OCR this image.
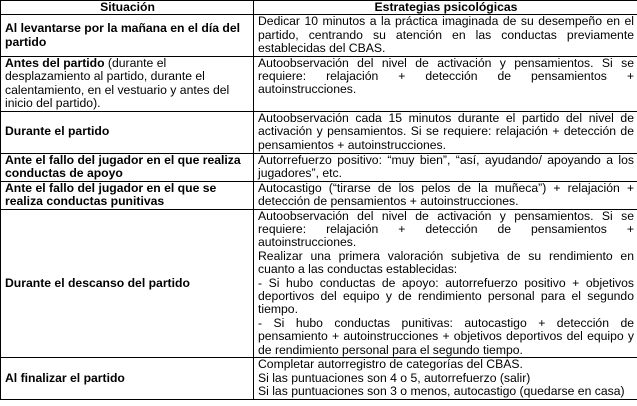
Situación	Estrategias psicológicas
Al levantarse por la mañana en el día del partido	Dedicar 10 minutos a la práctica imaginada de su desempeño en el partido, centrando su atención en las conductas previamente establecidas del CBAS.

Antes del partido (durante el desplazamiento al partido, durante el calentamiento, en el vestuario y antes del inicio del partido).	Autoobservación del nivel de activación y pensamientos. Si se requiere: relajación + detección de pensamientos + autoinstrucciones.

Durante el partido	Autoobservación cada 15 minutos durante el partido del nivel de activación y pensamientos. Si se requiere: relajación + detección de pensamientos + autoinstrucciones.

Ante el fallo del jugador en el que realiza conductas de apoyo	Autorrefuerzo positivo: “muy bien”, “así, ayudando/ apoyando a los jugadores”, etc.

Ante el fallo del jugador en el que se realiza conductas punitivas	Autocastigo (“tirarse de los pelos de la muñeca”) + relajación + detección de pensamientos + autoinstrucciones.

Durante el descanso del partido	Autoobservación del nivel de activación y pensamientos. Si se requiere: relajación + detección de pensamientos + autoinstrucciones.
Realizar una primera valoración subjetiva de su rendimiento en cuanto a las conductas establecidas:
- Si hubo conductas de apoyo: autorrefuerzo positivo + objetivos deportivos del equipo y de rendimiento personal para el segundo tiempo.
- Si hubo conductas punitivas: autocastigo + detección de pensamiento + autoinstrucciones + objetivos deportivos del equipo y de rendimiento personal para el segundo tiempo.

Al finalizar el partido	Completar autorregistro de categorías del CBAS.
Si las puntuaciones son 4 o 5, autorrefuerzo (salir)
Si las puntuaciones son 3 o menos, autocastigo (quedarse en casa)
